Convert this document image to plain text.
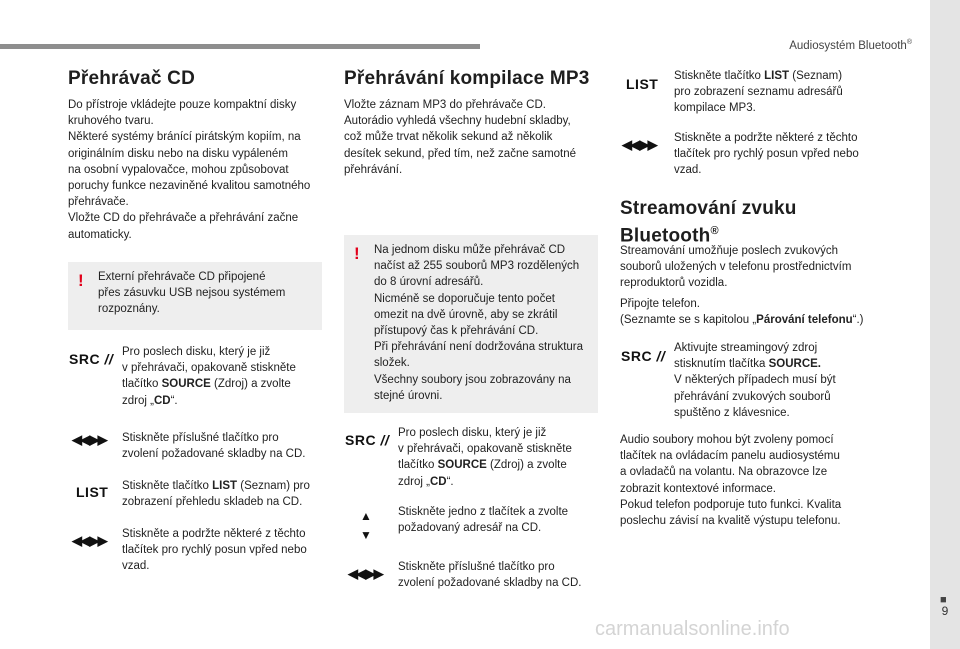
Audiosystém Bluetooth®
■
9
Přehrávač CD
Do přístroje vkládejte pouze kompaktní disky
kruhového tvaru.
Některé systémy bránící pirátským kopiím, na
originálním disku nebo na disku vypáleném
na osobní vypalovačce, mohou způsobovat
poruchy funkce nezaviněné kvalitou samotného
přehrávače.
Vložte CD do přehrávače a přehrávání začne
automaticky.
! Externí přehrávače CD připojené
přes zásuvku USB nejsou systémem
rozpoznány.
SRC // Pro poslech disku, který je již
v přehrávači, opakovaně stiskněte
tlačítko SOURCE (Zdroj) a zvolte
zdroj „CD“.
◀◀ ▶▶ Stiskněte příslušné tlačítko pro
zvolení požadované skladby na CD.
LIST Stiskněte tlačítko LIST (Seznam) pro
zobrazení přehledu skladeb na CD.
◀◀ ▶▶ Stiskněte a podržte některé z těchto
tlačítek pro rychlý posun vpřed nebo
vzad.
Přehrávání kompilace MP3
Vložte záznam MP3 do přehrávače CD.
Autorádio vyhledá všechny hudební skladby,
což může trvat několik sekund až několik
desítek sekund, před tím, než začne samotné
přehrávání.
! Na jednom disku může přehrávač CD
načíst až 255 souborů MP3 rozdělených
do 8 úrovní adresářů.
Nicméně se doporučuje tento počet
omezit na dvě úrovně, aby se zkrátil
přístupový čas k přehrávání CD.
Při přehrávání není dodržována struktura
složek.
Všechny soubory jsou zobrazovány na
stejné úrovni.
SRC // Pro poslech disku, který je již
v přehrávači, opakovaně stiskněte
tlačítko SOURCE (Zdroj) a zvolte
zdroj „CD“.
▲
▼
Stiskněte jedno z tlačítek a zvolte
požadovaný adresář na CD.
◀◀ ▶▶ Stiskněte příslušné tlačítko pro
zvolení požadované skladby na CD.
LIST Stiskněte tlačítko LIST (Seznam)
pro zobrazení seznamu adresářů
kompilace MP3.
◀◀ ▶▶ Stiskněte a podržte některé z těchto
tlačítek pro rychlý posun vpřed nebo
vzad.
Streamování zvuku
Bluetooth®
Streamování umožňuje poslech zvukových
souborů uložených v telefonu prostřednictvím
reproduktorů vozidla.
Připojte telefon.
(Seznamte se s kapitolou „Párování telefonu“.)
SRC // Aktivujte streamingový zdroj
stisknutím tlačítka SOURCE.
V některých případech musí být
přehrávání zvukových souborů
spuštěno z klávesnice.
Audio soubory mohou být zvoleny pomocí
tlačítek na ovládacím panelu audiosystému
a ovladačů na volantu. Na obrazovce lze
zobrazit kontextové informace.
Pokud telefon podporuje tuto funkci. Kvalita
poslechu závisí na kvalitě výstupu telefonu.
carmanualsonline.info
